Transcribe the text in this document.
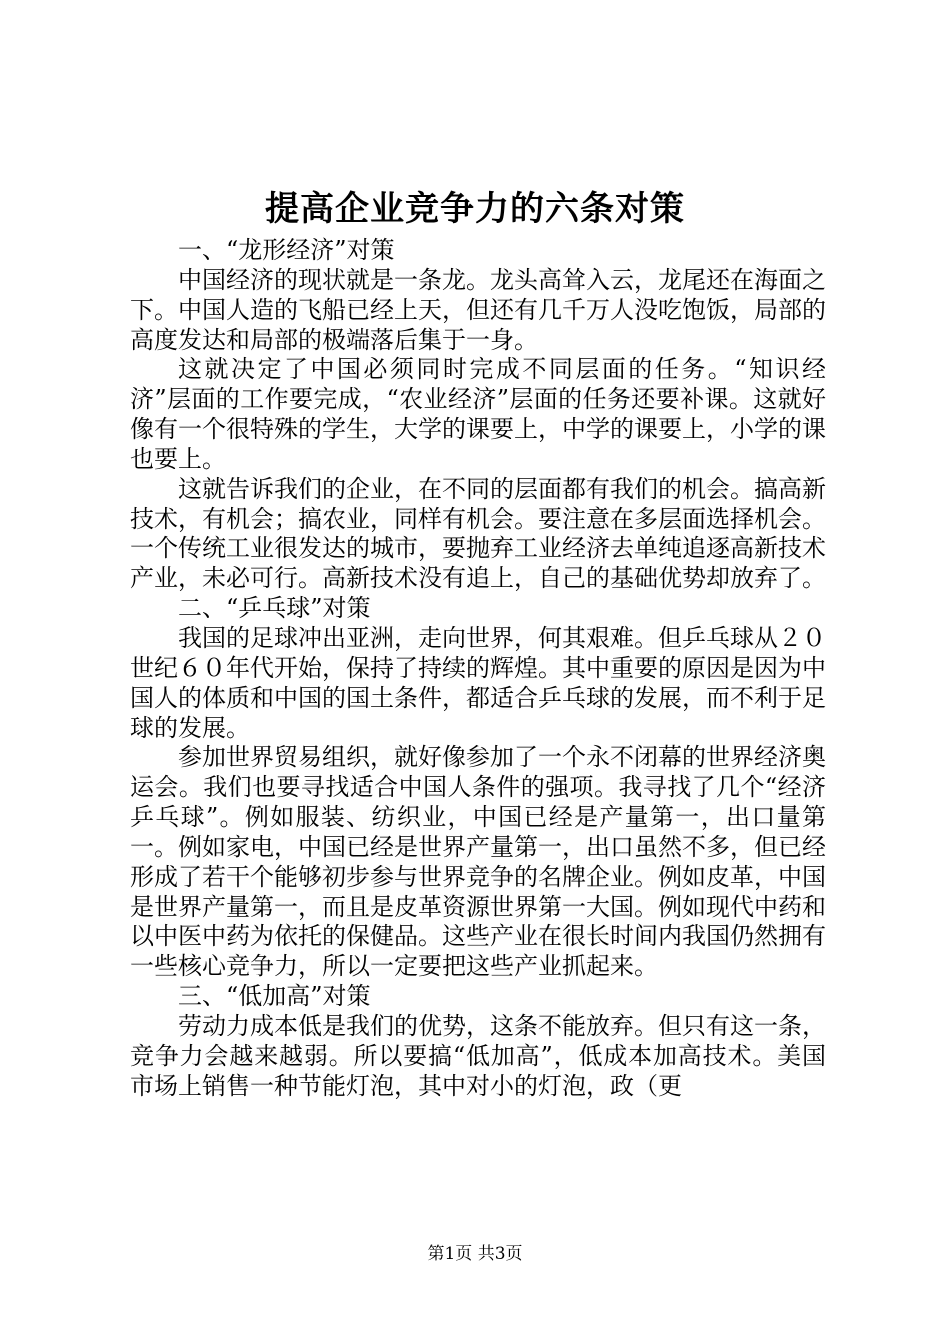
提高企业竞争力的六条对策

一、“龙形经济”对策

中国经济的现状就是一条龙。龙头高耸入云，龙尾还在海面之下。中国人造的飞船已经上天，但还有几千万人没吃饱饭，局部的高度发达和局部的极端落后集于一身。

这就决定了中国必须同时完成不同层面的任务。“知识经济”层面的工作要完成，“农业经济”层面的任务还要补课。这就好像有一个很特殊的学生，大学的课要上，中学的课要上，小学的课也要上。

这就告诉我们的企业，在不同的层面都有我们的机会。搞高新技术，有机会；搞农业，同样有机会。要注意在多层面选择机会。一个传统工业很发达的城市，要抛弃工业经济去单纯追逐高新技术产业，未必可行。高新技术没有追上，自己的基础优势却放弃了。

二、“乒乓球”对策

我国的足球冲出亚洲，走向世界，何其艰难。但乒乓球从２０世纪６０年代开始，保持了持续的辉煌。其中重要的原因是因为中国人的体质和中国的国土条件，都适合乒乓球的发展，而不利于足球的发展。

参加世界贸易组织，就好像参加了一个永不闭幕的世界经济奥运会。我们也要寻找适合中国人条件的强项。我寻找了几个“经济乒乓球”。例如服装、纺织业，中国已经是产量第一，出口量第一。例如家电，中国已经是世界产量第一，出口虽然不多，但已经形成了若干个能够初步参与世界竞争的名牌企业。例如皮革，中国是世界产量第一，而且是皮革资源世界第一大国。例如现代中药和以中医中药为依托的保健品。这些产业在很长时间内我国仍然拥有一些核心竞争力，所以一定要把这些产业抓起来。

三、“低加高”对策

劳动力成本低是我们的优势，这条不能放弃。但只有这一条，竞争力会越来越弱。所以要搞“低加高”，低成本加高技术。美国市场上销售一种节能灯泡，其中对小的灯泡，政（更

第1页 共3页
